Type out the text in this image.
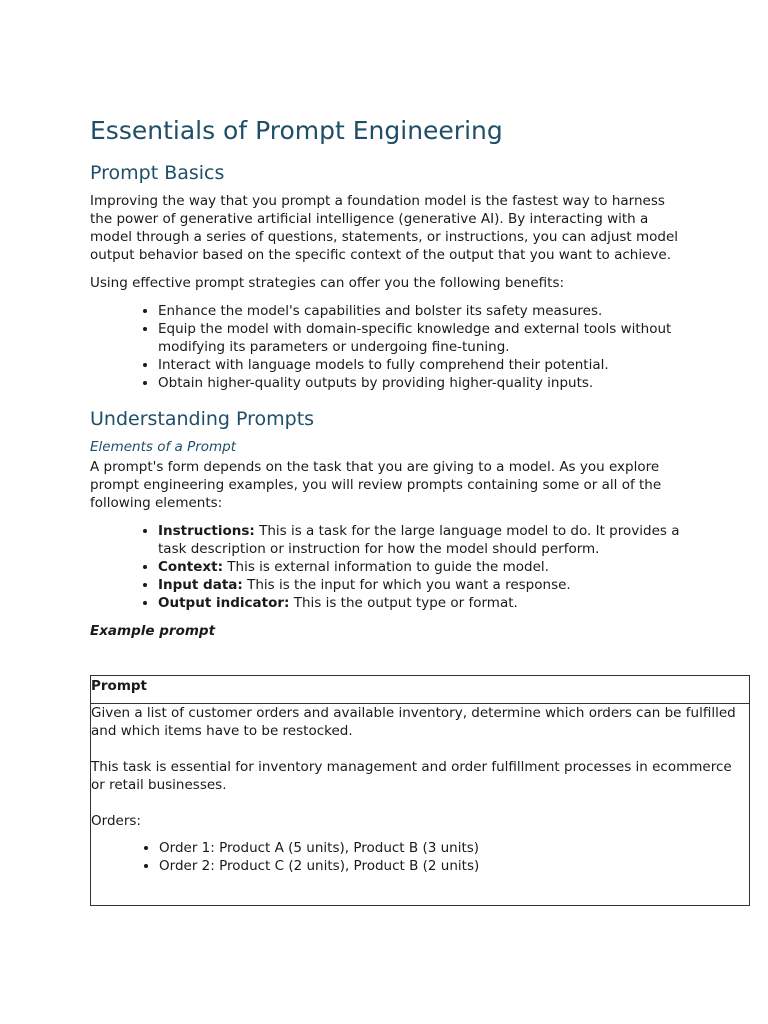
Essentials of Prompt Engineering
Prompt Basics

Improving the way that you prompt a foundation model is the fastest way to harness the power of generative artificial intelligence (generative AI). By interacting with a model through a series of questions, statements, or instructions, you can adjust model output behavior based on the specific context of the output that you want to achieve.

Using effective prompt strategies can offer you the following benefits:

• Enhance the model's capabilities and bolster its safety measures.
• Equip the model with domain-specific knowledge and external tools without modifying its parameters or undergoing fine-tuning.
• Interact with language models to fully comprehend their potential.
• Obtain higher-quality outputs by providing higher-quality inputs.
Understanding Prompts
Elements of a Prompt

A prompt's form depends on the task that you are giving to a model. As you explore prompt engineering examples, you will review prompts containing some or all of the following elements:

• Instructions: This is a task for the large language model to do. It provides a task description or instruction for how the model should perform.
• Context: This is external information to guide the model.
• Input data: This is the input for which you want a response.
• Output indicator: This is the output type or format.
Example prompt
Prompt

Given a list of customer orders and available inventory, determine which orders can be fulfilled and which items have to be restocked.

This task is essential for inventory management and order fulfillment processes in ecommerce or retail businesses.

Orders:

• Order 1: Product A (5 units), Product B (3 units)
• Order 2: Product C (2 units), Product B (2 units)
